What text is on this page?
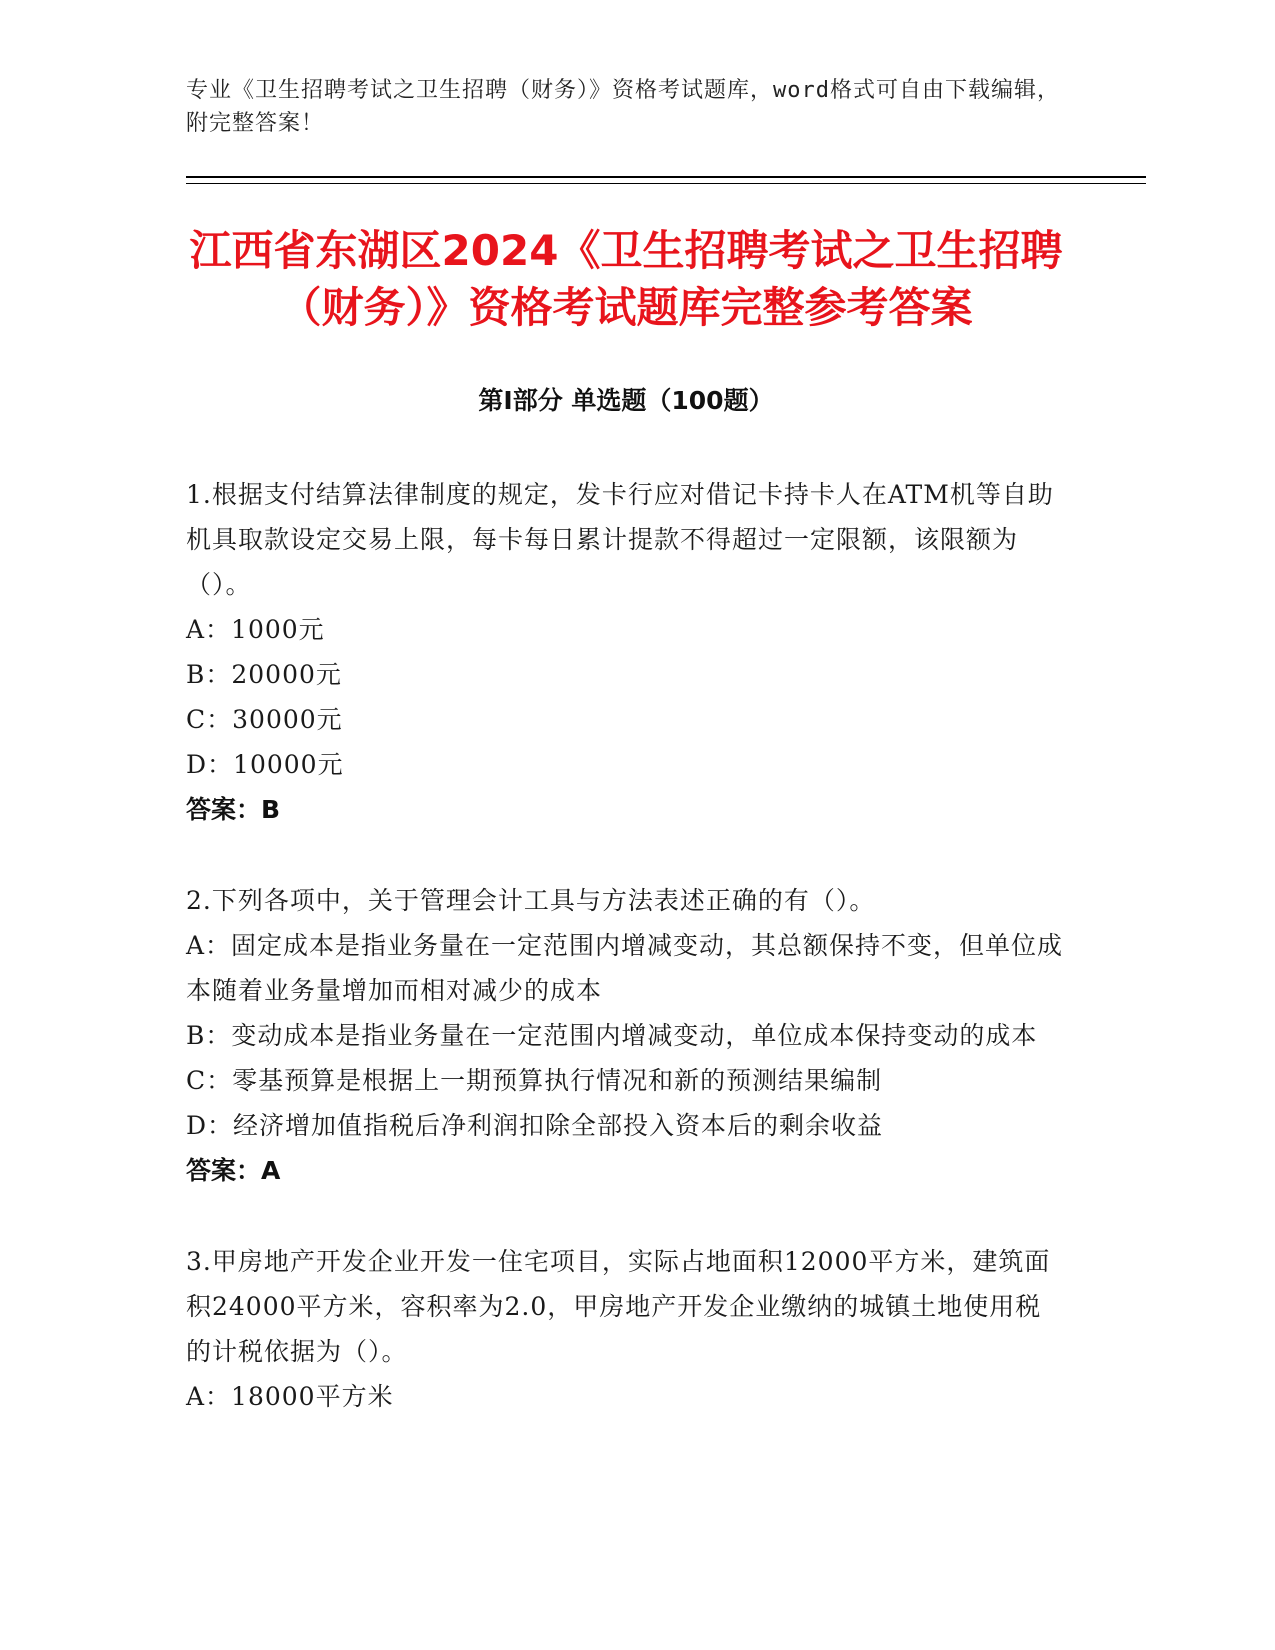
专业《卫生招聘考试之卫生招聘（财务）》资格考试题库，word格式可自由下载编辑，附完整答案！
江西省东湖区2024《卫生招聘考试之卫生招聘（财务）》资格考试题库完整参考答案
第I部分 单选题（100题）
1.根据支付结算法律制度的规定，发卡行应对借记卡持卡人在ATM机等自助机具取款设定交易上限，每卡每日累计提款不得超过一定限额，该限额为（）。
A：1000元
B：20000元
C：30000元
D：10000元
答案：B
2.下列各项中，关于管理会计工具与方法表述正确的有（）。
A：固定成本是指业务量在一定范围内增减变动，其总额保持不变，但单位成本随着业务量增加而相对减少的成本
B：变动成本是指业务量在一定范围内增减变动，单位成本保持变动的成本
C：零基预算是根据上一期预算执行情况和新的预测结果编制
D：经济增加值指税后净利润扣除全部投入资本后的剩余收益
答案：A
3.甲房地产开发企业开发一住宅项目，实际占地面积12000平方米，建筑面积24000平方米，容积率为2.0，甲房地产开发企业缴纳的城镇土地使用税的计税依据为（）。
A：18000平方米
